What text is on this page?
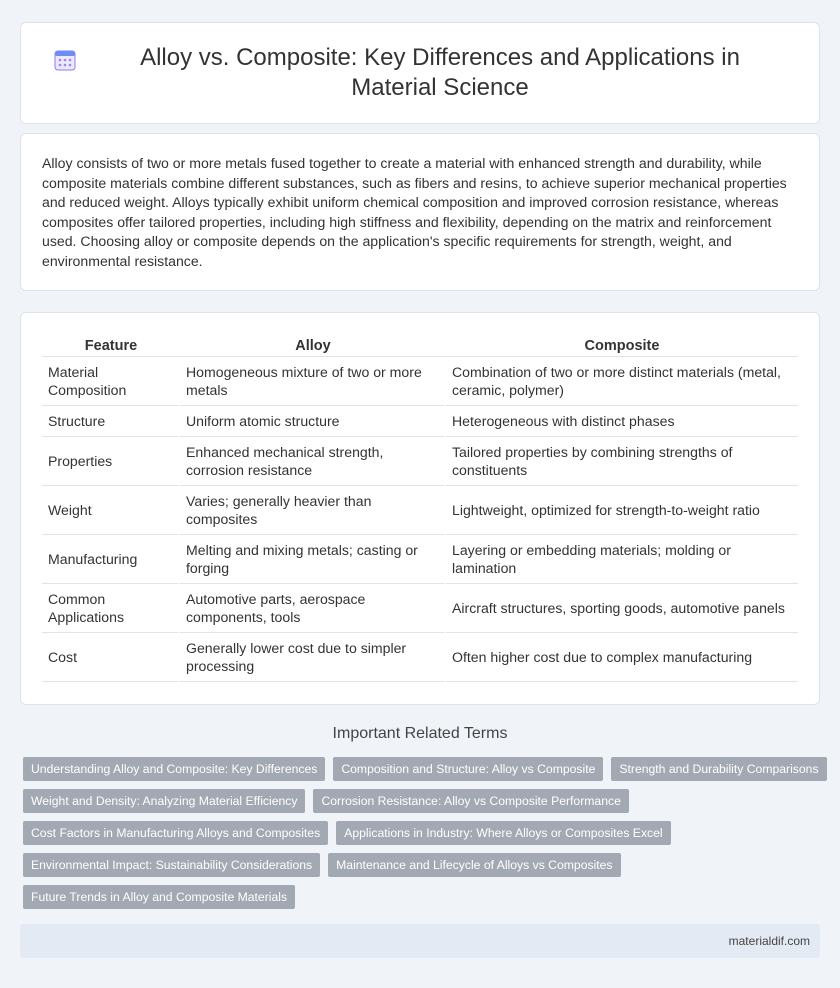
Alloy vs. Composite: Key Differences and Applications in Material Science

Alloy consists of two or more metals fused together to create a material with enhanced strength and durability, while composite materials combine different substances, such as fibers and resins, to achieve superior mechanical properties and reduced weight. Alloys typically exhibit uniform chemical composition and improved corrosion resistance, whereas composites offer tailored properties, including high stiffness and flexibility, depending on the matrix and reinforcement used. Choosing alloy or composite depends on the application's specific requirements for strength, weight, and environmental resistance.

Feature	Alloy	Composite
Material Composition	Homogeneous mixture of two or more metals	Combination of two or more distinct materials (metal, ceramic, polymer)
Structure	Uniform atomic structure	Heterogeneous with distinct phases
Properties	Enhanced mechanical strength, corrosion resistance	Tailored properties by combining strengths of constituents
Weight	Varies; generally heavier than composites	Lightweight, optimized for strength-to-weight ratio
Manufacturing	Melting and mixing metals; casting or forging	Layering or embedding materials; molding or lamination
Common Applications	Automotive parts, aerospace components, tools	Aircraft structures, sporting goods, automotive panels
Cost	Generally lower cost due to simpler processing	Often higher cost due to complex manufacturing
Important Related Terms
Understanding Alloy and Composite: Key Differences	Composition and Structure: Alloy vs Composite	Strength and Durability Comparisons
Weight and Density: Analyzing Material Efficiency	Corrosion Resistance: Alloy vs Composite Performance
Cost Factors in Manufacturing Alloys and Composites	Applications in Industry: Where Alloys or Composites Excel
Environmental Impact: Sustainability Considerations	Maintenance and Lifecycle of Alloys vs Composites
Future Trends in Alloy and Composite Materials
materialdif.com
